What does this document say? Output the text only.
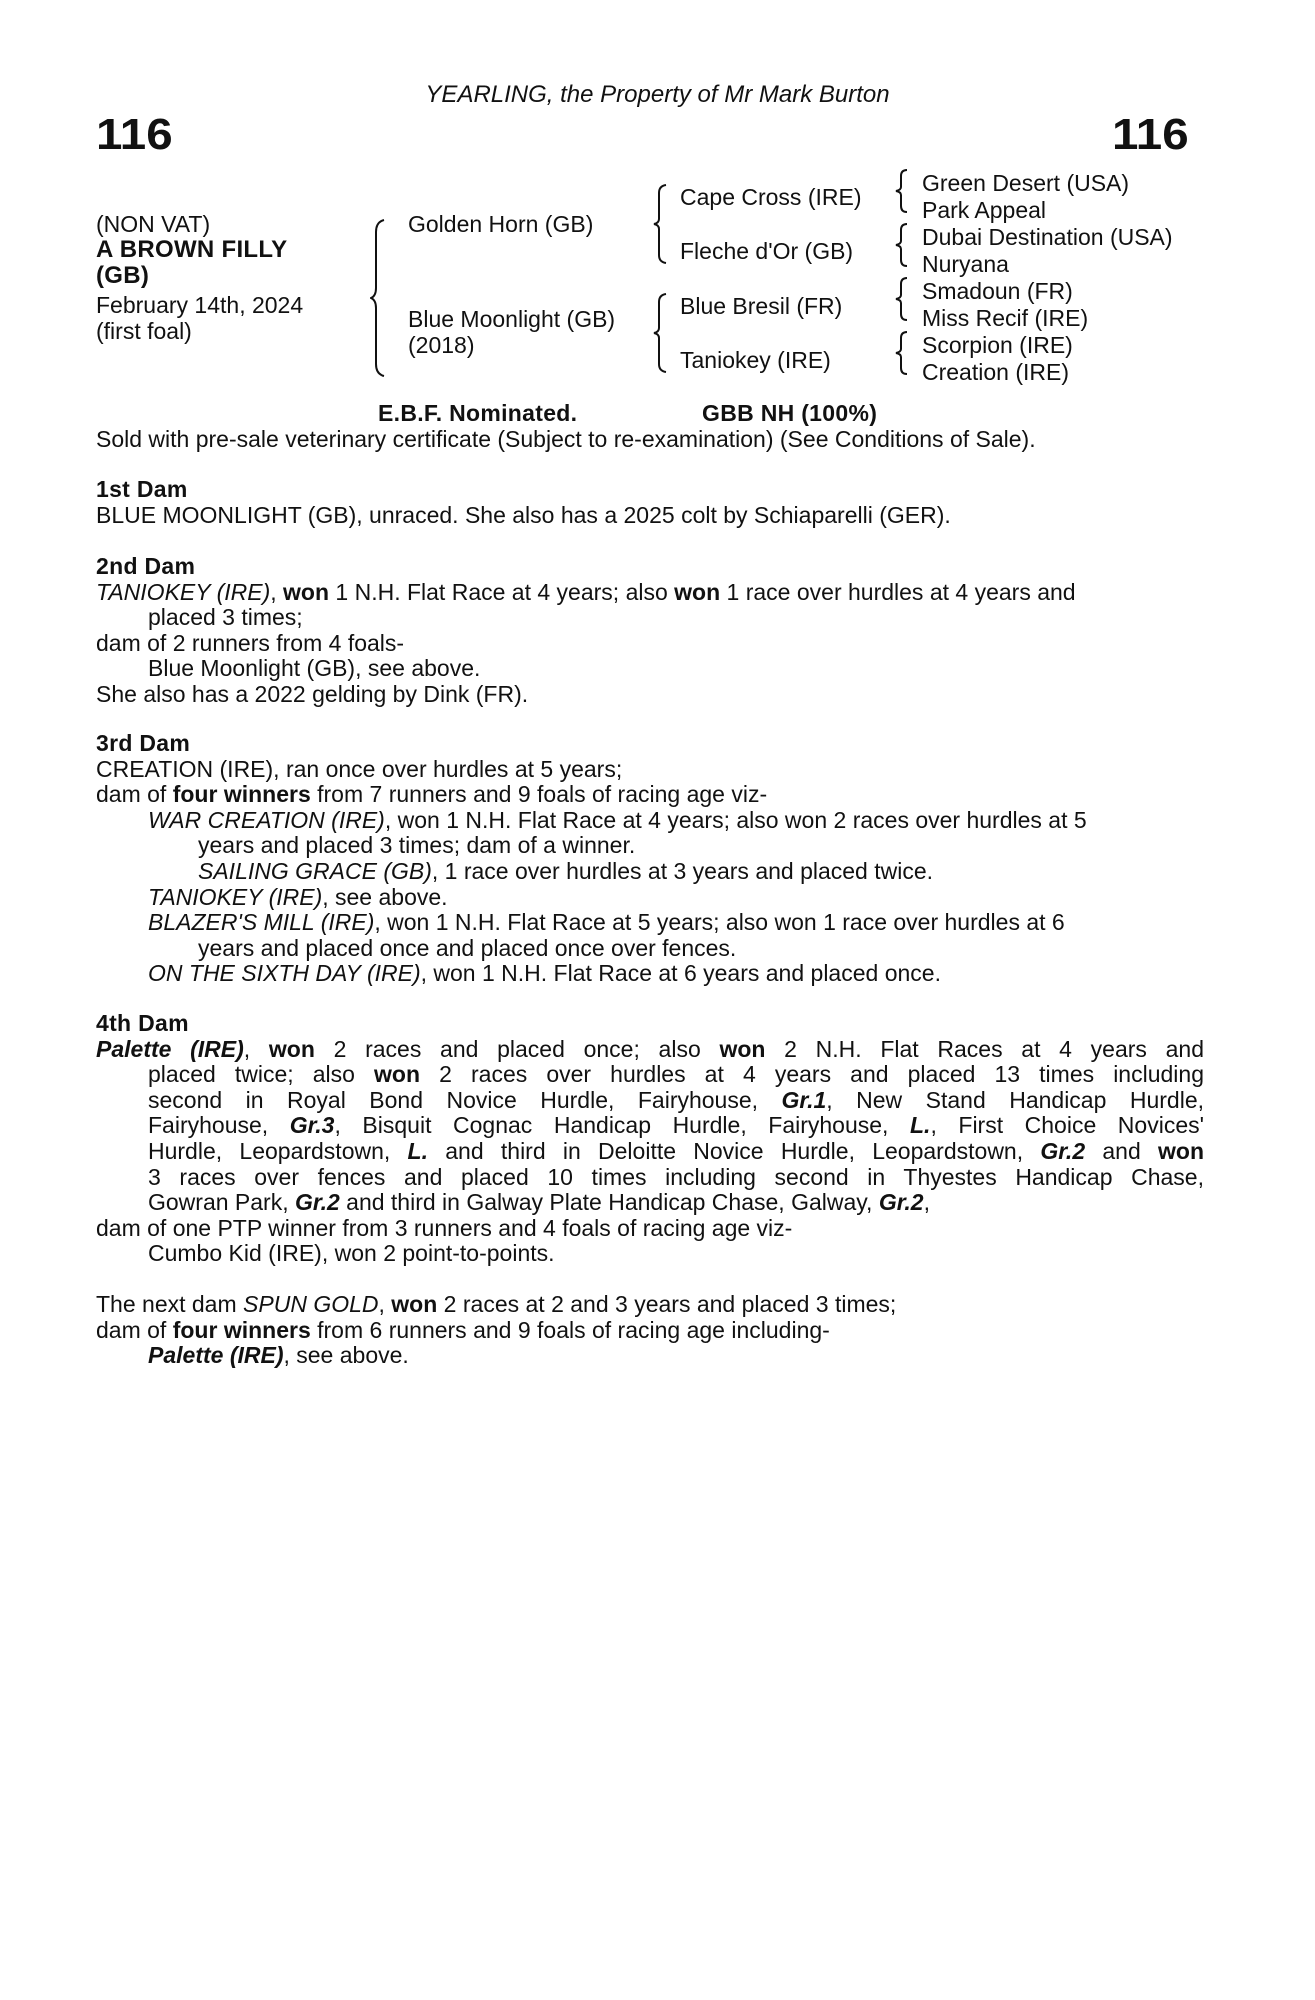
YEARLING, the Property of Mr Mark Burton
116	116
(NON VAT)
A BROWN FILLY
(GB)
February 14th, 2024
(first foal)
Golden Horn (GB)
Blue Moonlight (GB)
(2018)
Cape Cross (IRE)
Fleche d'Or (GB)
Blue Bresil (FR)
Taniokey (IRE)
Green Desert (USA)
Park Appeal
Dubai Destination (USA)
Nuryana
Smadoun (FR)
Miss Recif (IRE)
Scorpion (IRE)
Creation (IRE)
E.B.F. Nominated.	GBB NH (100%)
Sold with pre-sale veterinary certificate (Subject to re-examination) (See Conditions of Sale).
1st Dam
BLUE MOONLIGHT (GB), unraced. She also has a 2025 colt by Schiaparelli (GER).
2nd Dam
TANIOKEY (IRE), won 1 N.H. Flat Race at 4 years; also won 1 race over hurdles at 4 years and
placed 3 times;
dam of 2 runners from 4 foals-
Blue Moonlight (GB), see above.
She also has a 2022 gelding by Dink (FR).
3rd Dam
CREATION (IRE), ran once over hurdles at 5 years;
dam of four winners from 7 runners and 9 foals of racing age viz-
WAR CREATION (IRE), won 1 N.H. Flat Race at 4 years; also won 2 races over hurdles at 5
years and placed 3 times; dam of a winner.
SAILING GRACE (GB), 1 race over hurdles at 3 years and placed twice.
TANIOKEY (IRE), see above.
BLAZER'S MILL (IRE), won 1 N.H. Flat Race at 5 years; also won 1 race over hurdles at 6
years and placed once and placed once over fences.
ON THE SIXTH DAY (IRE), won 1 N.H. Flat Race at 6 years and placed once.
4th Dam
Palette (IRE), won 2 races and placed once; also won 2 N.H. Flat Races at 4 years and
placed twice; also won 2 races over hurdles at 4 years and placed 13 times including
second in Royal Bond Novice Hurdle, Fairyhouse, Gr.1, New Stand Handicap Hurdle,
Fairyhouse, Gr.3, Bisquit Cognac Handicap Hurdle, Fairyhouse, L., First Choice Novices'
Hurdle, Leopardstown, L. and third in Deloitte Novice Hurdle, Leopardstown, Gr.2 and won
3 races over fences and placed 10 times including second in Thyestes Handicap Chase,
Gowran Park, Gr.2 and third in Galway Plate Handicap Chase, Galway, Gr.2,
dam of one PTP winner from 3 runners and 4 foals of racing age viz-
Cumbo Kid (IRE), won 2 point-to-points.
The next dam SPUN GOLD, won 2 races at 2 and 3 years and placed 3 times;
dam of four winners from 6 runners and 9 foals of racing age including-
Palette (IRE), see above.
